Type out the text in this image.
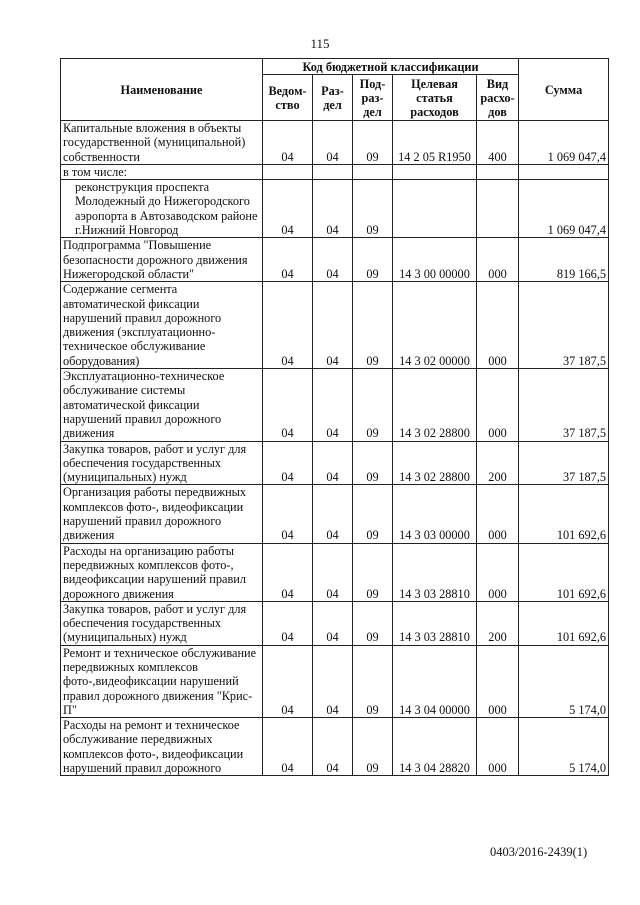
115
Наименование	Код бюджетной классификации					Сумма
	Ведом-ство	Раз-дел	Под-раз-дел	Целевая статья расходов	Вид расхо-дов	
Капитальные вложения в объекты государственной (муниципальной) собственности	04	04	09	14 2 05 R1950	400	1 069 047,4
в том числе:						
реконструкция проспекта Молодежный до Нижегородского аэропорта в Автозаводском районе г.Нижний Новгород	04	04	09			1 069 047,4
Подпрограмма "Повышение безопасности дорожного движения Нижегородской области"	04	04	09	14 3 00 00000	000	819 166,5
Содержание сегмента автоматической фиксации нарушений правил дорожного движения (эксплуатационно-техническое обслуживание оборудования)	04	04	09	14 3 02 00000	000	37 187,5
Эксплуатационно-техническое обслуживание системы автоматической фиксации нарушений правил дорожного движения	04	04	09	14 3 02 28800	000	37 187,5
Закупка товаров, работ и услуг для обеспечения государственных (муниципальных) нужд	04	04	09	14 3 02 28800	200	37 187,5
Организация работы передвижных комплексов фото-, видеофиксации нарушений правил дорожного движения	04	04	09	14 3 03 00000	000	101 692,6
Расходы на организацию работы передвижных комплексов фото-, видеофиксации нарушений правил дорожного движения	04	04	09	14 3 03 28810	000	101 692,6
Закупка товаров, работ и услуг для обеспечения государственных (муниципальных) нужд	04	04	09	14 3 03 28810	200	101 692,6
Ремонт и техническое обслуживание передвижных комплексов фото-,видеофиксации нарушений правил дорожного движения "Крис-П"	04	04	09	14 3 04 00000	000	5 174,0
Расходы на ремонт и техническое обслуживание передвижных комплексов фото-, видеофиксации нарушений правил дорожного	04	04	09	14 3 04 28820	000	5 174,0
0403/2016-2439(1)
